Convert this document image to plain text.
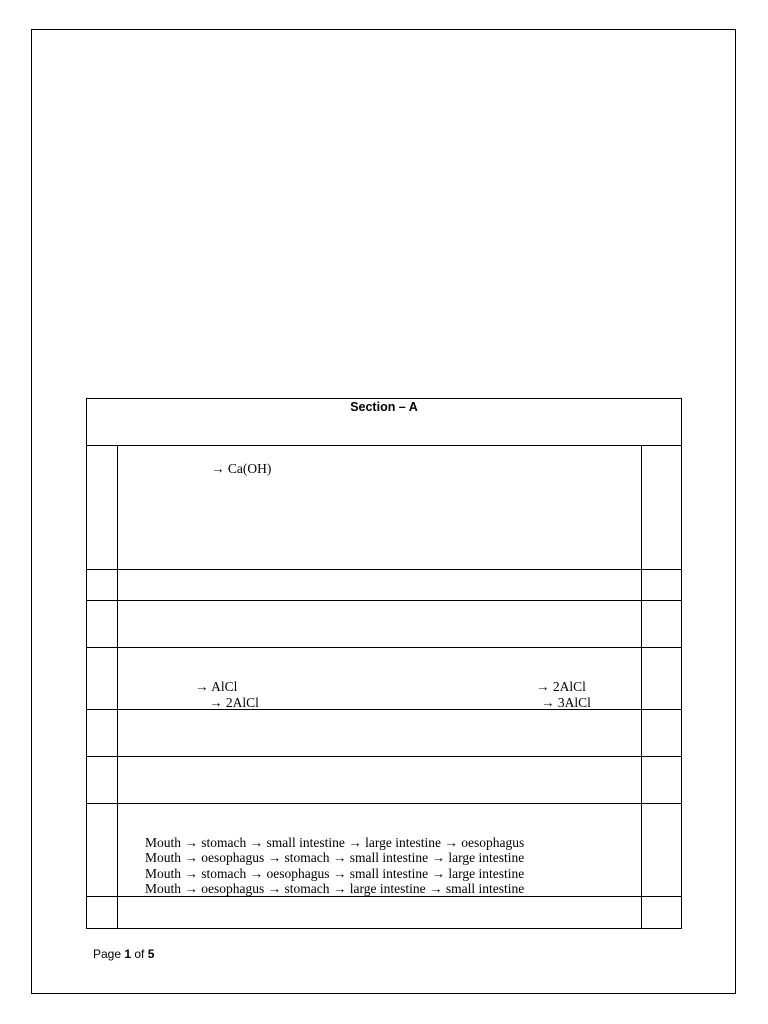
Section – A
→ Ca(OH)
→ AlCl
→ 2AlCl
→ 2AlCl
→ 3AlCl
Mouth → stomach → small intestine → large intestine → oesophagus
Mouth → oesophagus → stomach → small intestine → large intestine
Mouth → stomach → oesophagus → small intestine → large intestine
Mouth → oesophagus → stomach → large intestine → small intestine
Page 1 of 5
